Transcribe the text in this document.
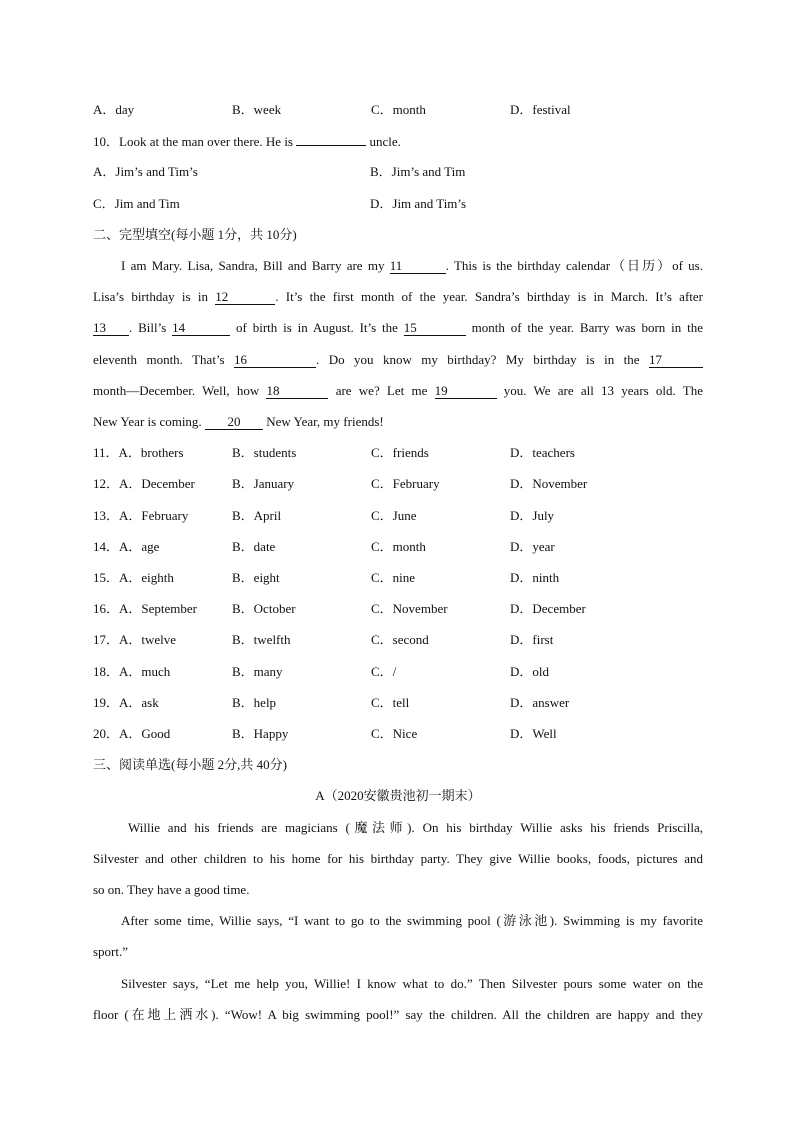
A．day	B．week	C．month	D．festival
10．Look at the man over there. He is	uncle.
A．Jim’s and Tim’s	B．Jim’s and Tim
C．Jim and Tim	D．Jim and Tim’s
二、完型填空(每小题 1分，共 10分)
I am Mary. Lisa, Sandra, Bill and Barry are my 11	. This is the birthday calendar（日历）of us.
Lisa’s birthday is in 12	. It’s the first month of the year. Sandra’s birthday is in March. It’s after
13 . Bill’s 14	of birth is in August. It’s the 15	month of the year. Barry was born in the
eleventh month. That’s 16	. Do you know my birthday? My birthday is in the 17
month—December. Well, how 18	are we? Let me 19	you. We are all 13 years old. The
New Year is coming. 20 New Year, my friends!
11．A．brothers	B．students	C．friends	D．teachers
12．A．December	B．January	C．February	D．November
13．A．February	B．April	C．June	D．July
14．A．age	B．date	C．month	D．year
15．A．eighth	B．eight	C．nine	D．ninth
16．A．September	B．October	C．November	D．December
17．A．twelve	B．twelfth	C．second	D．first
18．A．much	B．many	C．/	D．old
19．A．ask	B．help	C．tell	D．answer
20．A．Good	B．Happy	C．Nice	D．Well
三、阅读单选(每小题 2分,共 40分)
A（2020安徽贵池初一期末）
Willie and his friends are magicians (魔法师). On his birthday Willie asks his friends Priscilla,
Silvester and other children to his home for his birthday party. They give Willie books, foods, pictures and
so on. They have a good time.
After some time, Willie says, “I want to go to the swimming pool (游泳池). Swimming is my favorite
sport.”
Silvester says, “Let me help you, Willie! I know what to do.” Then Silvester pours some water on the
floor (在地上洒水). “Wow! A big swimming pool!” say the children. All the children are happy and they
